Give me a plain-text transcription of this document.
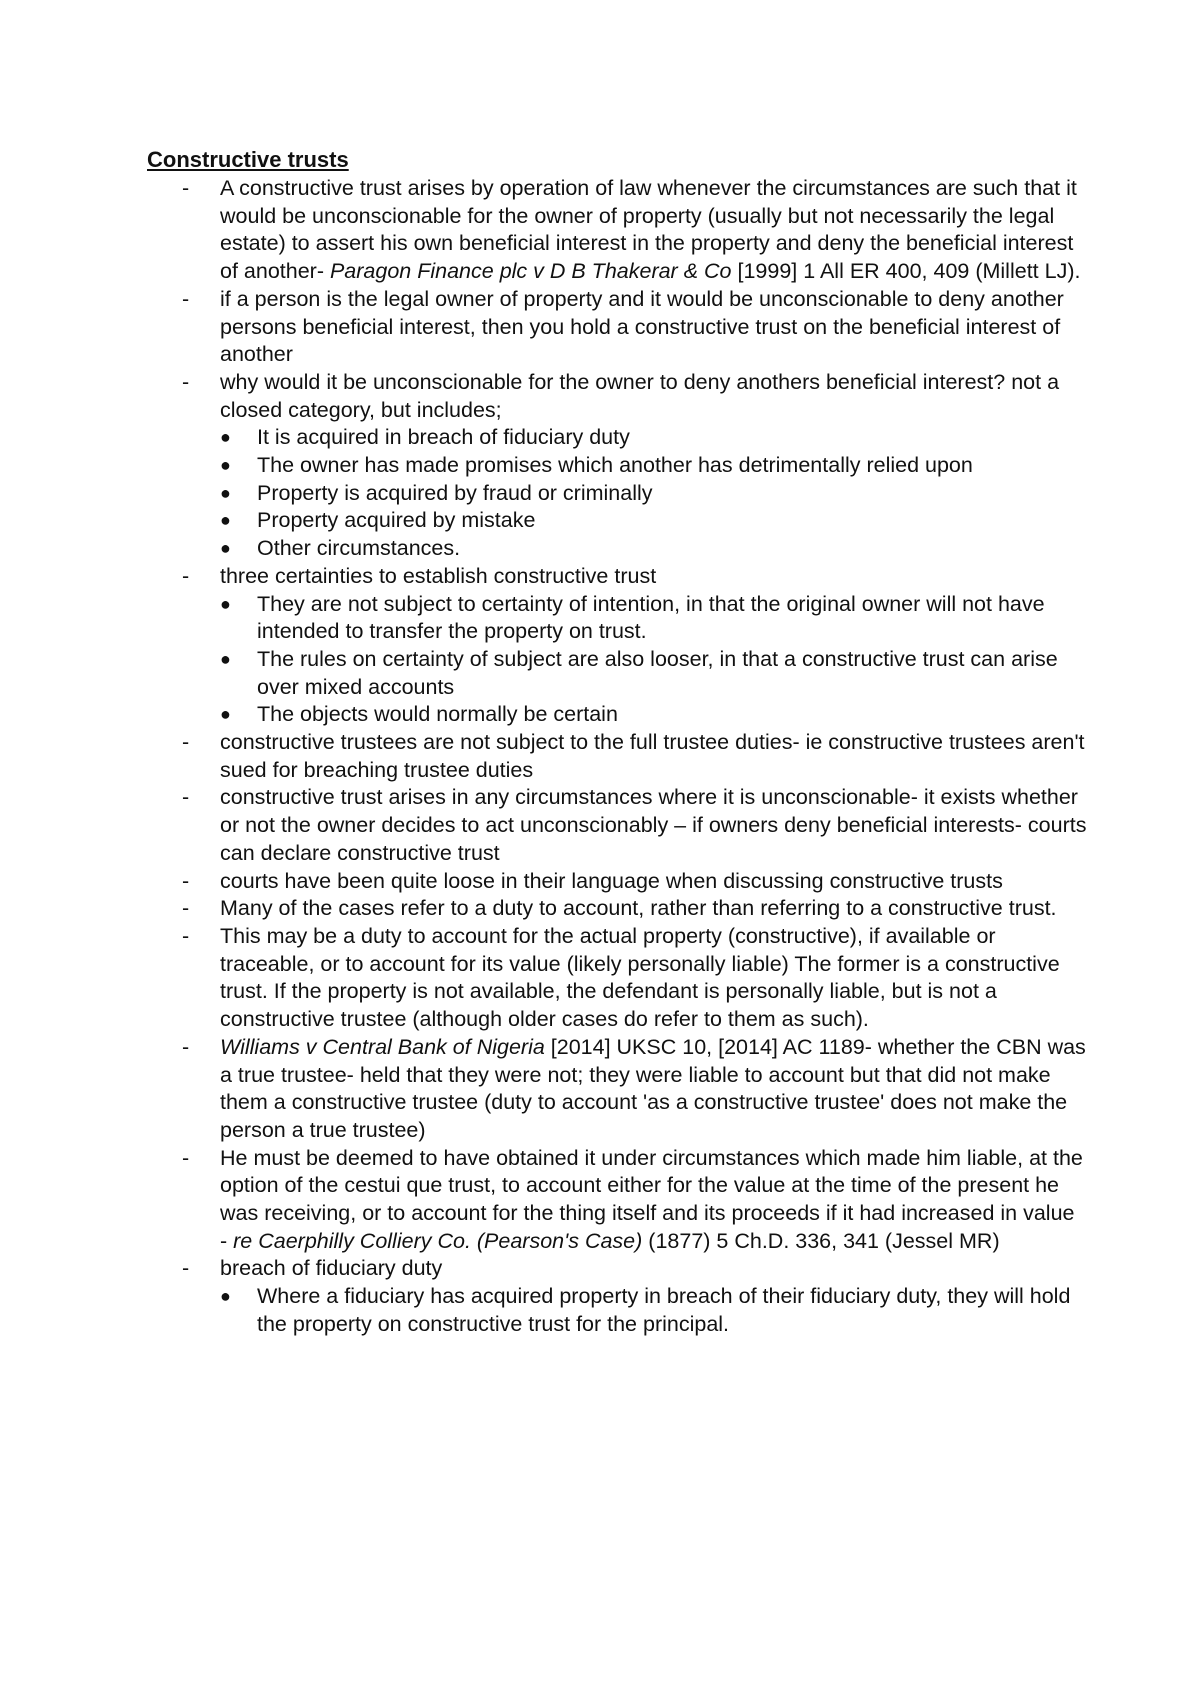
Constructive trusts
-	A constructive trust arises by operation of law whenever the circumstances are such that it would be unconscionable for the owner of property (usually but not necessarily the legal estate) to assert his own beneficial interest in the property and deny the beneficial interest of another- Paragon Finance plc v D B Thakerar & Co [1999] 1 All ER 400, 409 (Millett LJ).
-	if a person is the legal owner of property and it would be unconscionable to deny another persons beneficial interest, then you hold a constructive trust on the beneficial interest of another
-	why would it be unconscionable for the owner to deny anothers beneficial interest? not a closed category, but includes;
●	It is acquired in breach of fiduciary duty
●	The owner has made promises which another has detrimentally relied upon
●	Property is acquired by fraud or criminally
●	Property acquired by mistake
●	Other circumstances.
-	three certainties to establish constructive trust
●	They are not subject to certainty of intention, in that the original owner will not have intended to transfer the property on trust.
●	The rules on certainty of subject are also looser, in that a constructive trust can arise over mixed accounts
●	The objects would normally be certain
-	constructive trustees are not subject to the full trustee duties- ie constructive trustees aren't sued for breaching trustee duties
-	constructive trust arises in any circumstances where it is unconscionable- it exists whether or not the owner decides to act unconscionably – if owners deny beneficial interests- courts can declare constructive trust
-	courts have been quite loose in their language when discussing constructive trusts
-	Many of the cases refer to a duty to account, rather than referring to a constructive trust.
-	This may be a duty to account for the actual property (constructive), if available or traceable, or to account for its value (likely personally liable) The former is a constructive trust. If the property is not available, the defendant is personally liable, but is not a constructive trustee (although older cases do refer to them as such).
-	Williams v Central Bank of Nigeria [2014] UKSC 10, [2014] AC 1189- whether the CBN was a true trustee- held that they were not; they were liable to account but that did not make them a constructive trustee (duty to account 'as a constructive trustee' does not make the person a true trustee)
-	He must be deemed to have obtained it under circumstances which made him liable, at the option of the cestui que trust, to account either for the value at the time of the present he was receiving, or to account for the thing itself and its proceeds if it had increased in value - re Caerphilly Colliery Co. (Pearson's Case) (1877) 5 Ch.D. 336, 341 (Jessel MR)
-	breach of fiduciary duty
●	Where a fiduciary has acquired property in breach of their fiduciary duty, they will hold the property on constructive trust for the principal.
